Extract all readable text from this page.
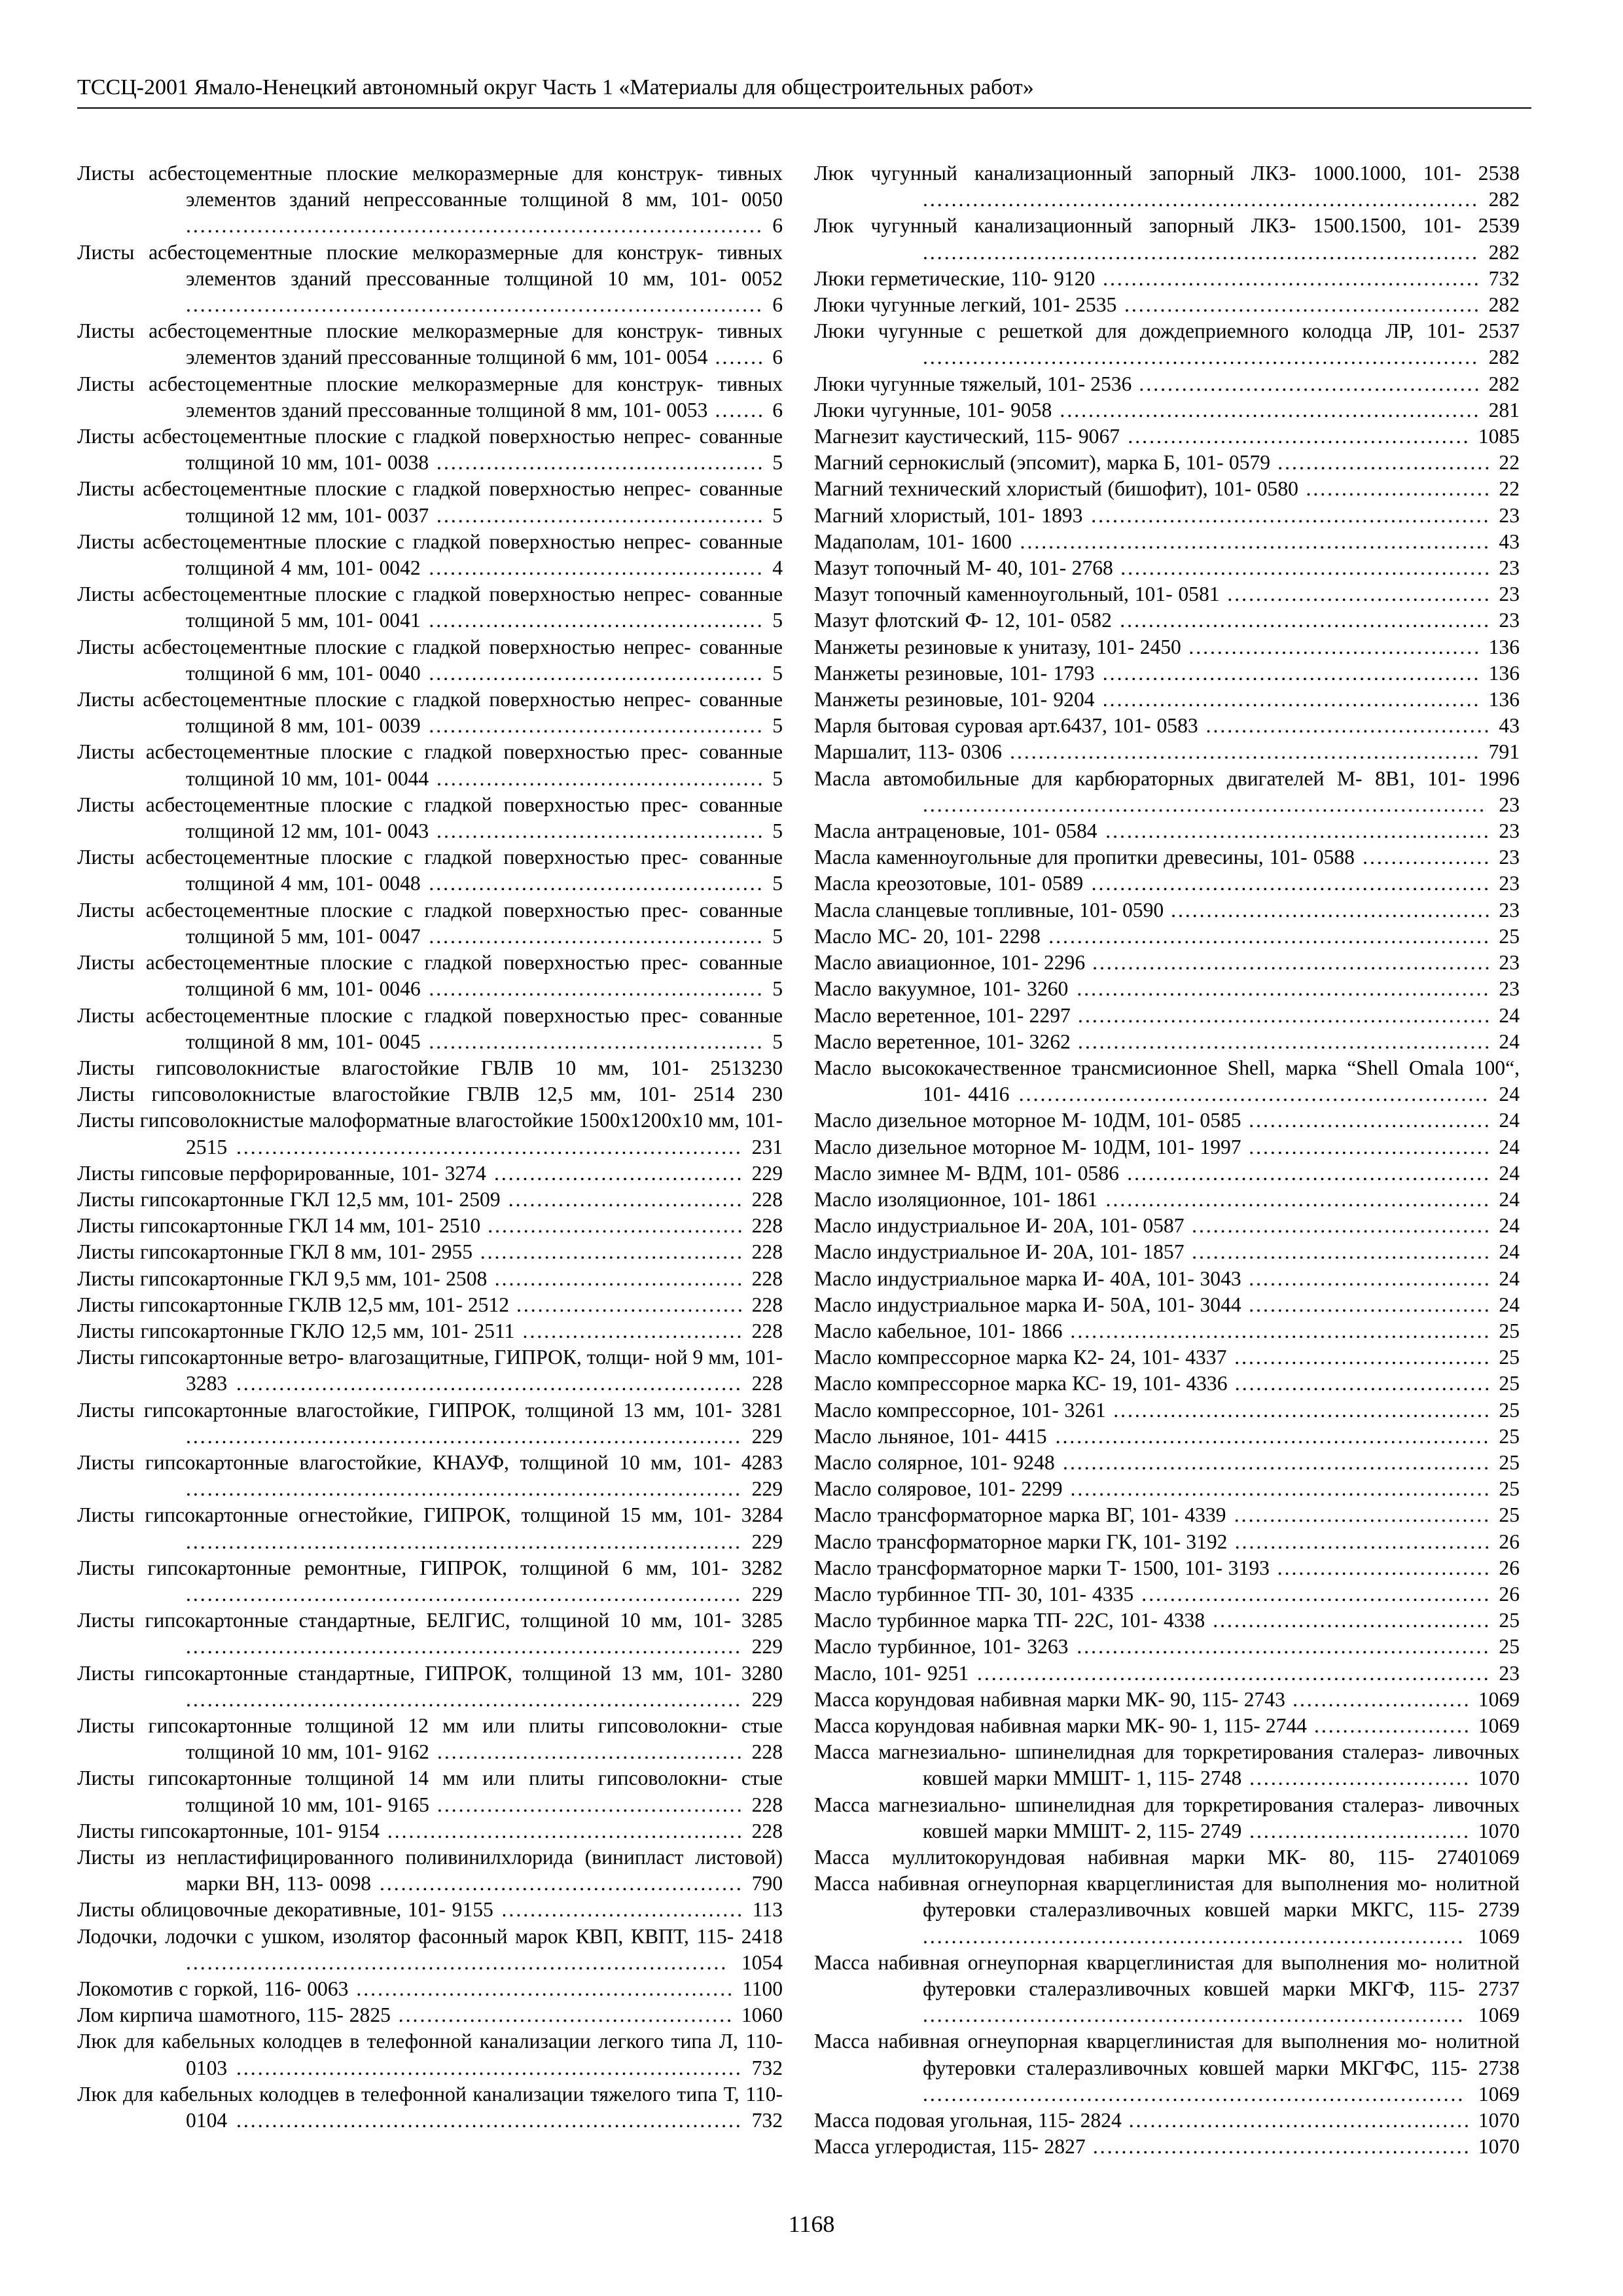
ТССЦ-2001 Ямало-Ненецкий автономный округ Часть 1 «Материалы для общестроительных работ»
Листы асбестоцементные плоские мелкоразмерные для конструк- тивных элементов зданий непрессованные толщиной 8 мм, 101- 0050 ................................................................................. 6
Листы асбестоцементные плоские мелкоразмерные для конструк- тивных элементов зданий прессованные толщиной 10 мм, 101- 0052 ................................................................................. 6
Листы асбестоцементные плоские мелкоразмерные для конструк- тивных элементов зданий прессованные толщиной 6 мм, 101- 0054 ....... 6
Листы асбестоцементные плоские мелкоразмерные для конструк- тивных элементов зданий прессованные толщиной 8 мм, 101- 0053 ....... 6
Листы асбестоцементные плоские с гладкой поверхностью непрес- сованные толщиной 10 мм, 101- 0038 .............................................. 5
Листы асбестоцементные плоские с гладкой поверхностью непрес- сованные толщиной 12 мм, 101- 0037 .............................................. 5
Листы асбестоцементные плоские с гладкой поверхностью непрес- сованные толщиной 4 мм, 101- 0042 ............................................... 4
Листы асбестоцементные плоские с гладкой поверхностью непрес- сованные толщиной 5 мм, 101- 0041 ............................................... 5
Листы асбестоцементные плоские с гладкой поверхностью непрес- сованные толщиной 6 мм, 101- 0040 ............................................... 5
Листы асбестоцементные плоские с гладкой поверхностью непрес- сованные толщиной 8 мм, 101- 0039 ............................................... 5
Листы асбестоцементные плоские с гладкой поверхностью прес- сованные толщиной 10 мм, 101- 0044 .............................................. 5
Листы асбестоцементные плоские с гладкой поверхностью прес- сованные толщиной 12 мм, 101- 0043 .............................................. 5
Листы асбестоцементные плоские с гладкой поверхностью прес- сованные толщиной 4 мм, 101- 0048 ............................................... 5
Листы асбестоцементные плоские с гладкой поверхностью прес- сованные толщиной 5 мм, 101- 0047 ............................................... 5
Листы асбестоцементные плоские с гладкой поверхностью прес- сованные толщиной 6 мм, 101- 0046 ............................................... 5
Листы асбестоцементные плоские с гладкой поверхностью прес- сованные толщиной 8 мм, 101- 0045 ............................................... 5
Листы гипсоволокнистые влагостойкие ГВЛВ 10 мм, 101- 2513230
Листы гипсоволокнистые влагостойкие ГВЛВ 12,5 мм, 101- 2514 230
Листы гипсоволокнистые малоформатные влагостойкие 1500х1200х10 мм, 101- 2515 ....................................................................... 231
Листы гипсовые перфорированные, 101- 3274 ................................... 229
Листы гипсокартонные ГКЛ 12,5 мм, 101- 2509 ................................. 228
Листы гипсокартонные ГКЛ 14 мм, 101- 2510 .................................... 228
Листы гипсокартонные ГКЛ 8 мм, 101- 2955 ..................................... 228
Листы гипсокартонные ГКЛ 9,5 мм, 101- 2508 ................................... 228
Листы гипсокартонные ГКЛВ 12,5 мм, 101- 2512 ................................ 228
Листы гипсокартонные ГКЛО 12,5 мм, 101- 2511 ............................... 228
Листы гипсокартонные ветро- влагозащитные, ГИПРОК, толщи- ной 9 мм, 101- 3283 ....................................................................... 228
Листы гипсокартонные влагостойкие, ГИПРОК, толщиной 13 мм, 101- 3281 .............................................................................. 229
Листы гипсокартонные влагостойкие, КНАУФ, толщиной 10 мм, 101- 4283 .............................................................................. 229
Листы гипсокартонные огнестойкие, ГИПРОК, толщиной 15 мм, 101- 3284 .............................................................................. 229
Листы гипсокартонные ремонтные, ГИПРОК, толщиной 6 мм, 101- 3282 .............................................................................. 229
Листы гипсокартонные стандартные, БЕЛГИС, толщиной 10 мм, 101- 3285 .............................................................................. 229
Листы гипсокартонные стандартные, ГИПРОК, толщиной 13 мм, 101- 3280 .............................................................................. 229
Листы гипсокартонные толщиной 12 мм или плиты гипсоволокни- стые толщиной 10 мм, 101- 9162 ........................................... 228
Листы гипсокартонные толщиной 14 мм или плиты гипсоволокни- стые толщиной 10 мм, 101- 9165 ........................................... 228
Листы гипсокартонные, 101- 9154 .................................................. 228
Листы из непластифицированного поливинилхлорида (винипласт листовой) марки ВН, 113- 0098 ................................................... 790
Листы облицовочные декоративные, 101- 9155 .................................. 113
Лодочки, лодочки с ушком, изолятор фасонный марок КВП, КВПТ, 115- 2418 ............................................................................ 1054
Локомотив с горкой, 116- 0063 ..................................................... 1100
Лом кирпича шамотного, 115- 2825 ............................................... 1060
Люк для кабельных колодцев в телефонной канализации легкого типа Л, 110- 0103 ....................................................................... 732
Люк для кабельных колодцев в телефонной канализации тяжелого типа Т, 110- 0104 ....................................................................... 732
Люк чугунный канализационный запорный ЛКЗ- 1000.1000, 101- 2538 .............................................................................. 282
Люк чугунный канализационный запорный ЛКЗ- 1500.1500, 101- 2539 .............................................................................. 282
Люки герметические, 110- 9120 ..................................................... 732
Люки чугунные легкий, 101- 2535 .................................................. 282
Люки чугунные с решеткой для дождеприемного колодца ЛР, 101- 2537 .............................................................................. 282
Люки чугунные тяжелый, 101- 2536 ................................................ 282
Люки чугунные, 101- 9058 ........................................................... 281
Магнезит каустический, 115- 9067 ................................................ 1085
Магний сернокислый (эпсомит), марка Б, 101- 0579 .............................. 22
Магний технический хлористый (бишофит), 101- 0580 .......................... 22
Магний хлористый, 101- 1893 ........................................................ 23
Мадаполам, 101- 1600 .................................................................. 43
Мазут топочный М- 40, 101- 2768 .................................................... 23
Мазут топочный каменноугольный, 101- 0581 ..................................... 23
Мазут флотский Ф- 12, 101- 0582 .................................................... 23
Манжеты резиновые к унитазу, 101- 2450 ......................................... 136
Манжеты резиновые, 101- 1793 ..................................................... 136
Манжеты резиновые, 101- 9204 ..................................................... 136
Марля бытовая суровая арт.6437, 101- 0583 ........................................ 43
Маршалит, 113- 0306 .................................................................. 791
Масла автомобильные для карбюраторных двигателей М- 8В1, 101- 1996 ............................................................................... 23
Масла антраценовые, 101- 0584 ...................................................... 23
Масла каменноугольные для пропитки древесины, 101- 0588 .................. 23
Масла креозотовые, 101- 0589 ........................................................ 23
Масла сланцевые топливные, 101- 0590 ............................................. 23
Масло МС- 20, 101- 2298 .............................................................. 25
Масло авиационное, 101- 2296 ........................................................ 23
Масло вакуумное, 101- 3260 .......................................................... 23
Масло веретенное, 101- 2297 .......................................................... 24
Масло веретенное, 101- 3262 .......................................................... 24
Масло высококачественное трансмисионное Shell, марка “Shell Omala 100“, 101- 4416 .................................................................. 24
Масло дизельное моторное М- 10ДМ, 101- 0585 .................................. 24
Масло дизельное моторное М- 10ДМ, 101- 1997 .................................. 24
Масло зимнее М- ВДМ, 101- 0586 ................................................... 24
Масло изоляционное, 101- 1861 ...................................................... 24
Масло индустриальное И- 20А, 101- 0587 .......................................... 24
Масло индустриальное И- 20А, 101- 1857 .......................................... 24
Масло индустриальное марка И- 40А, 101- 3043 .................................. 24
Масло индустриальное марка И- 50А, 101- 3044 .................................. 24
Масло кабельное, 101- 1866 ........................................................... 25
Масло компрессорное марка К2- 24, 101- 4337 .................................... 25
Масло компрессорное марка КС- 19, 101- 4336 .................................... 25
Масло компрессорное, 101- 3261 ..................................................... 25
Масло льняное, 101- 4415 ............................................................. 25
Масло солярное, 101- 9248 ............................................................ 25
Масло соляровое, 101- 2299 ........................................................... 25
Масло трансформаторное марка ВГ, 101- 4339 .................................... 25
Масло трансформаторное марки ГК, 101- 3192 .................................... 26
Масло трансформаторное марки Т- 1500, 101- 3193 .............................. 26
Масло турбинное ТП- 30, 101- 4335 ................................................. 26
Масло турбинное марка ТП- 22С, 101- 4338 ....................................... 25
Масло турбинное, 101- 3263 .......................................................... 25
Масло, 101- 9251 ........................................................................ 23
Масса корундовая набивная марки МК- 90, 115- 2743 ......................... 1069
Масса корундовая набивная марки МК- 90- 1, 115- 2744 ...................... 1069
Масса магнезиально- шпинелидная для торкретирования сталераз- ливочных ковшей марки ММШТ- 1, 115- 2748 ............................... 1070
Масса магнезиально- шпинелидная для торкретирования сталераз- ливочных ковшей марки ММШТ- 2, 115- 2749 ............................... 1070
Масса муллитокорундовая набивная марки МК- 80, 115- 27401069
Масса набивная огнеупорная кварцеглинистая для выполнения мо- нолитной футеровки сталеразливочных ковшей марки МКГС, 115- 2739 ............................................................................ 1069
Масса набивная огнеупорная кварцеглинистая для выполнения мо- нолитной футеровки сталеразливочных ковшей марки МКГФ, 115- 2737 ............................................................................ 1069
Масса набивная огнеупорная кварцеглинистая для выполнения мо- нолитной футеровки сталеразливочных ковшей марки МКГФС, 115- 2738 ............................................................................ 1069
Масса подовая угольная, 115- 2824 ................................................ 1070
Масса углеродистая, 115- 2827 ..................................................... 1070
1168
